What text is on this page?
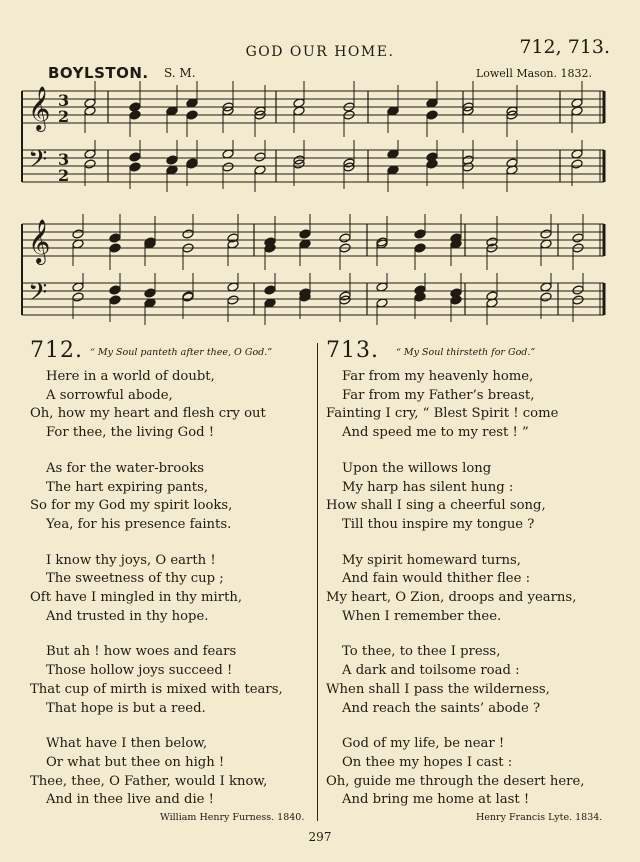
GOD OUR HOME.	712, 713.
BOYLSTON. S. M.	Lowell Mason. 1832.
𝄞
𝄢
𝄞
𝄢
3
2
3
2
712. “ My Soul panteth after thee, O God.”
Here in a world of doubt,
A sorrowful abode,
Oh, how my heart and flesh cry out
For thee, the living God !
As for the water-brooks
The hart expiring pants,
So for my God my spirit looks,
Yea, for his presence faints.
I know thy joys, O earth !
The sweetness of thy cup ;
Oft have I mingled in thy mirth,
And trusted in thy hope.
But ah ! how woes and fears
Those hollow joys succeed !
That cup of mirth is mixed with tears,
That hope is but a reed.
What have I then below,
Or what but thee on high !
Thee, thee, O Father, would I know,
And in thee live and die !
713. “ My Soul thirsteth for God.”
Far from my heavenly home,
Far from my Father’s breast,
Fainting I cry, “ Blest Spirit ! come
And speed me to my rest ! ”
Upon the willows long
My harp has silent hung :
How shall I sing a cheerful song,
Till thou inspire my tongue ?
My spirit homeward turns,
And fain would thither flee :
My heart, O Zion, droops and yearns,
When I remember thee.
To thee, to thee I press,
A dark and toilsome road :
When shall I pass the wilderness,
And reach the saints’ abode ?
God of my life, be near !
On thee my hopes I cast :
Oh, guide me through the desert here,
And bring me home at last !
William Henry Furness. 1840.	Henry Francis Lyte. 1834.
297
